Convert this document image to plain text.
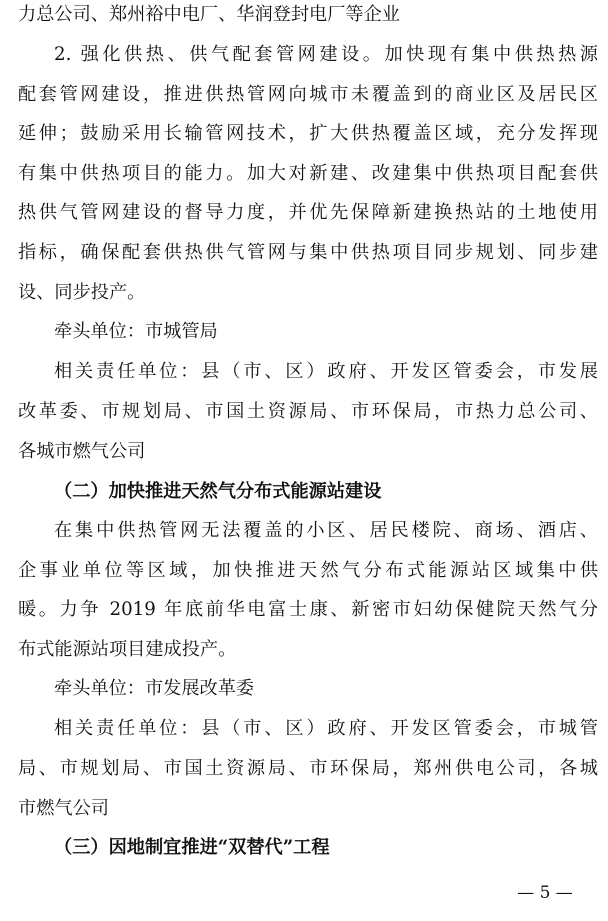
力总公司、郑州裕中电厂、华润登封电厂等企业
2. 强化供热、供气配套管网建设。加快现有集中供热热源
配套管网建设，推进供热管网向城市未覆盖到的商业区及居民区
延伸；鼓励采用长输管网技术，扩大供热覆盖区域，充分发挥现
有集中供热项目的能力。加大对新建、改建集中供热项目配套供
热供气管网建设的督导力度，并优先保障新建换热站的土地使用
指标，确保配套供热供气管网与集中供热项目同步规划、同步建
设、同步投产。
牵头单位：市城管局
相关责任单位：县（市、区）政府、开发区管委会，市发展
改革委、市规划局、市国土资源局、市环保局，市热力总公司、
各城市燃气公司
（二）加快推进天然气分布式能源站建设
在集中供热管网无法覆盖的小区、居民楼院、商场、酒店、
企事业单位等区域，加快推进天然气分布式能源站区域集中供
暖。力争 2019 年底前华电富士康、新密市妇幼保健院天然气分
布式能源站项目建成投产。
牵头单位：市发展改革委
相关责任单位：县（市、区）政府、开发区管委会，市城管
局、市规划局、市国土资源局、市环保局，郑州供电公司，各城
市燃气公司
（三）因地制宜推进“双替代”工程
— 5 —
